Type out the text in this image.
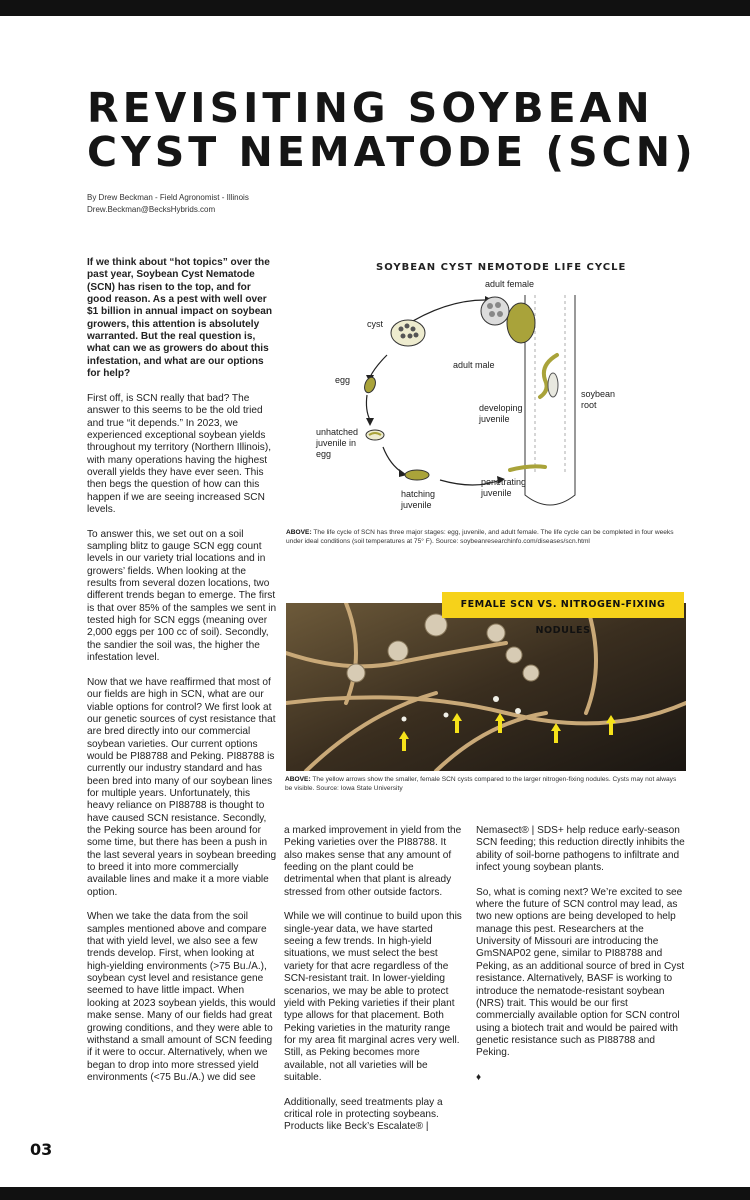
REVISITING SOYBEAN CYST NEMATODE (SCN)
By Drew Beckman - Field Agronomist - Illinois
Drew.Beckman@BecksHybrids.com

If we think about “hot topics” over the past year, Soybean Cyst Nematode (SCN) has risen to the top, and for good reason. As a pest with well over $1 billion in annual impact on soybean growers, this attention is absolutely warranted. But the real question is, what can we as growers do about this infestation, and what are our options for help?

First off, is SCN really that bad? The answer to this seems to be the old tried and true “it depends.” In 2023, we experienced exceptional soybean yields throughout my territory (Northern Illinois), with many operations having the highest overall yields they have ever seen. This then begs the question of how can this happen if we are seeing increased SCN levels.

To answer this, we set out on a soil sampling blitz to gauge SCN egg count levels in our variety trial locations and in growers’ fields. When looking at the results from several dozen locations, two different trends began to emerge. The first is that over 85% of the samples we sent in tested high for SCN eggs (meaning over 2,000 eggs per 100 cc of soil). Secondly, the sandier the soil was, the higher the infestation level.

Now that we have reaffirmed that most of our fields are high in SCN, what are our viable options for control? We first look at our genetic sources of cyst resistance that are bred directly into our commercial soybean varieties. Our current options would be PI88788 and Peking. PI88788 is currently our industry standard and has been bred into many of our soybean lines for multiple years. Unfortunately, this heavy reliance on PI88788 is thought to have caused SCN resistance. Secondly, the Peking source has been around for some time, but there has been a push in the last several years in soybean breeding to breed it into more commercially available lines and make it a more viable option.

When we take the data from the soil samples mentioned above and compare that with yield level, we also see a few trends develop. First, when looking at high-yielding environments (>75 Bu./A.), soybean cyst level and resistance gene seemed to have little impact. When looking at 2023 soybean yields, this would make sense. Many of our fields had great growing conditions, and they were able to withstand a small amount of SCN feeding if it were to occur. Alternatively, when we began to drop into more stressed yield environments (<75 Bu./A.) we did see

SOYBEAN CYST NEMOTODE LIFE CYCLE
adult female
cyst
egg
adult male
unhatched
juvenile in
egg
developing
juvenile
soybean
root
hatching
juvenile
penetrating
juvenile
ABOVE: The life cycle of SCN has three major stages: egg, juvenile, and adult female. The life cycle can be completed in four weeks under ideal conditions (soil temperatures at 75° F). Source: soybeanresearchinfo.com/diseases/scn.html
FEMALE SCN VS. NITROGEN-FIXING NODULES
ABOVE: The yellow arrows show the smaller, female SCN cysts compared to the larger nitrogen-fixing nodules. Cysts may not always be visible. Source: Iowa State University

a marked improvement in yield from the Peking varieties over the PI88788. It also makes sense that any amount of feeding on the plant could be detrimental when that plant is already stressed from other outside factors.

While we will continue to build upon this single-year data, we have started seeing a few trends. In high-yield situations, we must select the best variety for that acre regardless of the SCN-resistant trait. In lower-yielding scenarios, we may be able to protect yield with Peking varieties if their plant type allows for that placement. Both Peking varieties in the maturity range for my area fit marginal acres very well. Still, as Peking becomes more available, not all varieties will be suitable.

Additionally, seed treatments play a critical role in protecting soybeans. Products like Beck’s Escalate® |

Nemasect® | SDS+ help reduce early-season SCN feeding; this reduction directly inhibits the ability of soil-borne pathogens to infiltrate and infect young soybean plants.

So, what is coming next? We’re excited to see where the future of SCN control may lead, as two new options are being developed to help manage this pest. Researchers at the University of Missouri are introducing the GmSNAP02 gene, similar to PI88788 and Peking, as an additional source of bred in Cyst resistance. Alternatively, BASF is working to introduce the nematode-resistant soybean (NRS) trait. This would be our first commercially available option for SCN control using a biotech trait and would be paired with genetic resistance such as PI88788 and Peking.

♦

03
